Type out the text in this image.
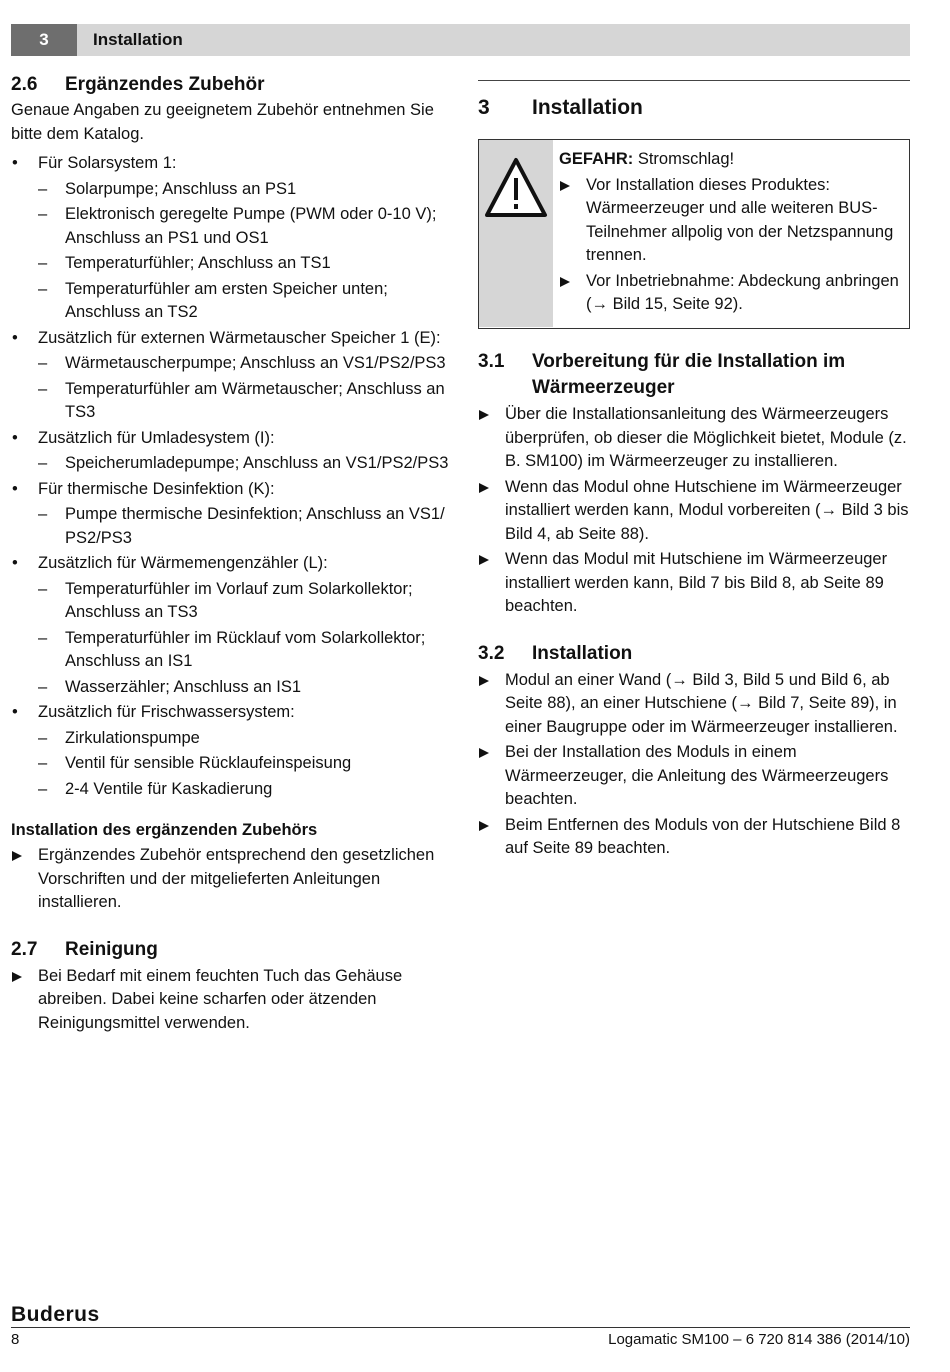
3	Installation
2.6	Ergänzendes Zubehör

Genaue Angaben zu geeignetem Zubehör entnehmen Sie bitte dem Katalog.

• Für Solarsystem 1:
– Solarpumpe; Anschluss an PS1
– Elektronisch geregelte Pumpe (PWM oder 0-10 V); Anschluss an PS1 und OS1
– Temperaturfühler; Anschluss an TS1
– Temperaturfühler am ersten Speicher unten; Anschluss an TS2
• Zusätzlich für externen Wärmetauscher Speicher 1 (E):
– Wärmetauscherpumpe; Anschluss an VS1/PS2/PS3
– Temperaturfühler am Wärmetauscher; Anschluss an TS3
• Zusätzlich für Umladesystem (I):
– Speicherumladepumpe; Anschluss an VS1/PS2/PS3
• Für thermische Desinfektion (K):
– Pumpe thermische Desinfektion; Anschluss an VS1/ PS2/PS3
• Zusätzlich für Wärmemengenzähler (L):
– Temperaturfühler im Vorlauf zum Solarkollektor; Anschluss an TS3
– Temperaturfühler im Rücklauf vom Solarkollektor; Anschluss an IS1
– Wasserzähler; Anschluss an IS1
• Zusätzlich für Frischwassersystem:
– Zirkulationspumpe
– Ventil für sensible Rücklaufeinspeisung
– 2-4 Ventile für Kaskadierung
Installation des ergänzenden Zubehörs
Ergänzendes Zubehör entsprechend den gesetzlichen Vorschriften und der mitgelieferten Anleitungen installieren.
2.7	Reinigung
Bei Bedarf mit einem feuchten Tuch das Gehäuse abreiben. Dabei keine scharfen oder ätzenden Reinigungsmittel verwenden.
3	Installation
GEFAHR: Stromschlag!
Vor Installation dieses Produktes: Wärmeerzeuger und alle weiteren BUS-Teilnehmer allpolig von der Netzspannung trennen.
Vor Inbetriebnahme: Abdeckung anbringen (→ Bild 15, Seite 92).
3.1	Vorbereitung für die Installation im Wärmeerzeuger
Über die Installationsanleitung des Wärmeerzeugers überprüfen, ob dieser die Möglichkeit bietet, Module (z. B. SM100) im Wärmeerzeuger zu installieren.
Wenn das Modul ohne Hutschiene im Wärmeerzeuger installiert werden kann, Modul vorbereiten (→ Bild 3 bis Bild 4, ab Seite 88).
Wenn das Modul mit Hutschiene im Wärmeerzeuger installiert werden kann, Bild 7 bis Bild 8, ab Seite 89 beachten.
3.2	Installation
Modul an einer Wand (→ Bild 3, Bild 5 und Bild 6, ab Seite 88), an einer Hutschiene (→ Bild 7, Seite 89), in einer Baugruppe oder im Wärmeerzeuger installieren.
Bei der Installation des Moduls in einem Wärmeerzeuger, die Anleitung des Wärmeerzeugers beachten.
Beim Entfernen des Moduls von der Hutschiene Bild 8 auf Seite 89 beachten.
Buderus
8	Logamatic SM100 – 6 720 814 386 (2014/10)
